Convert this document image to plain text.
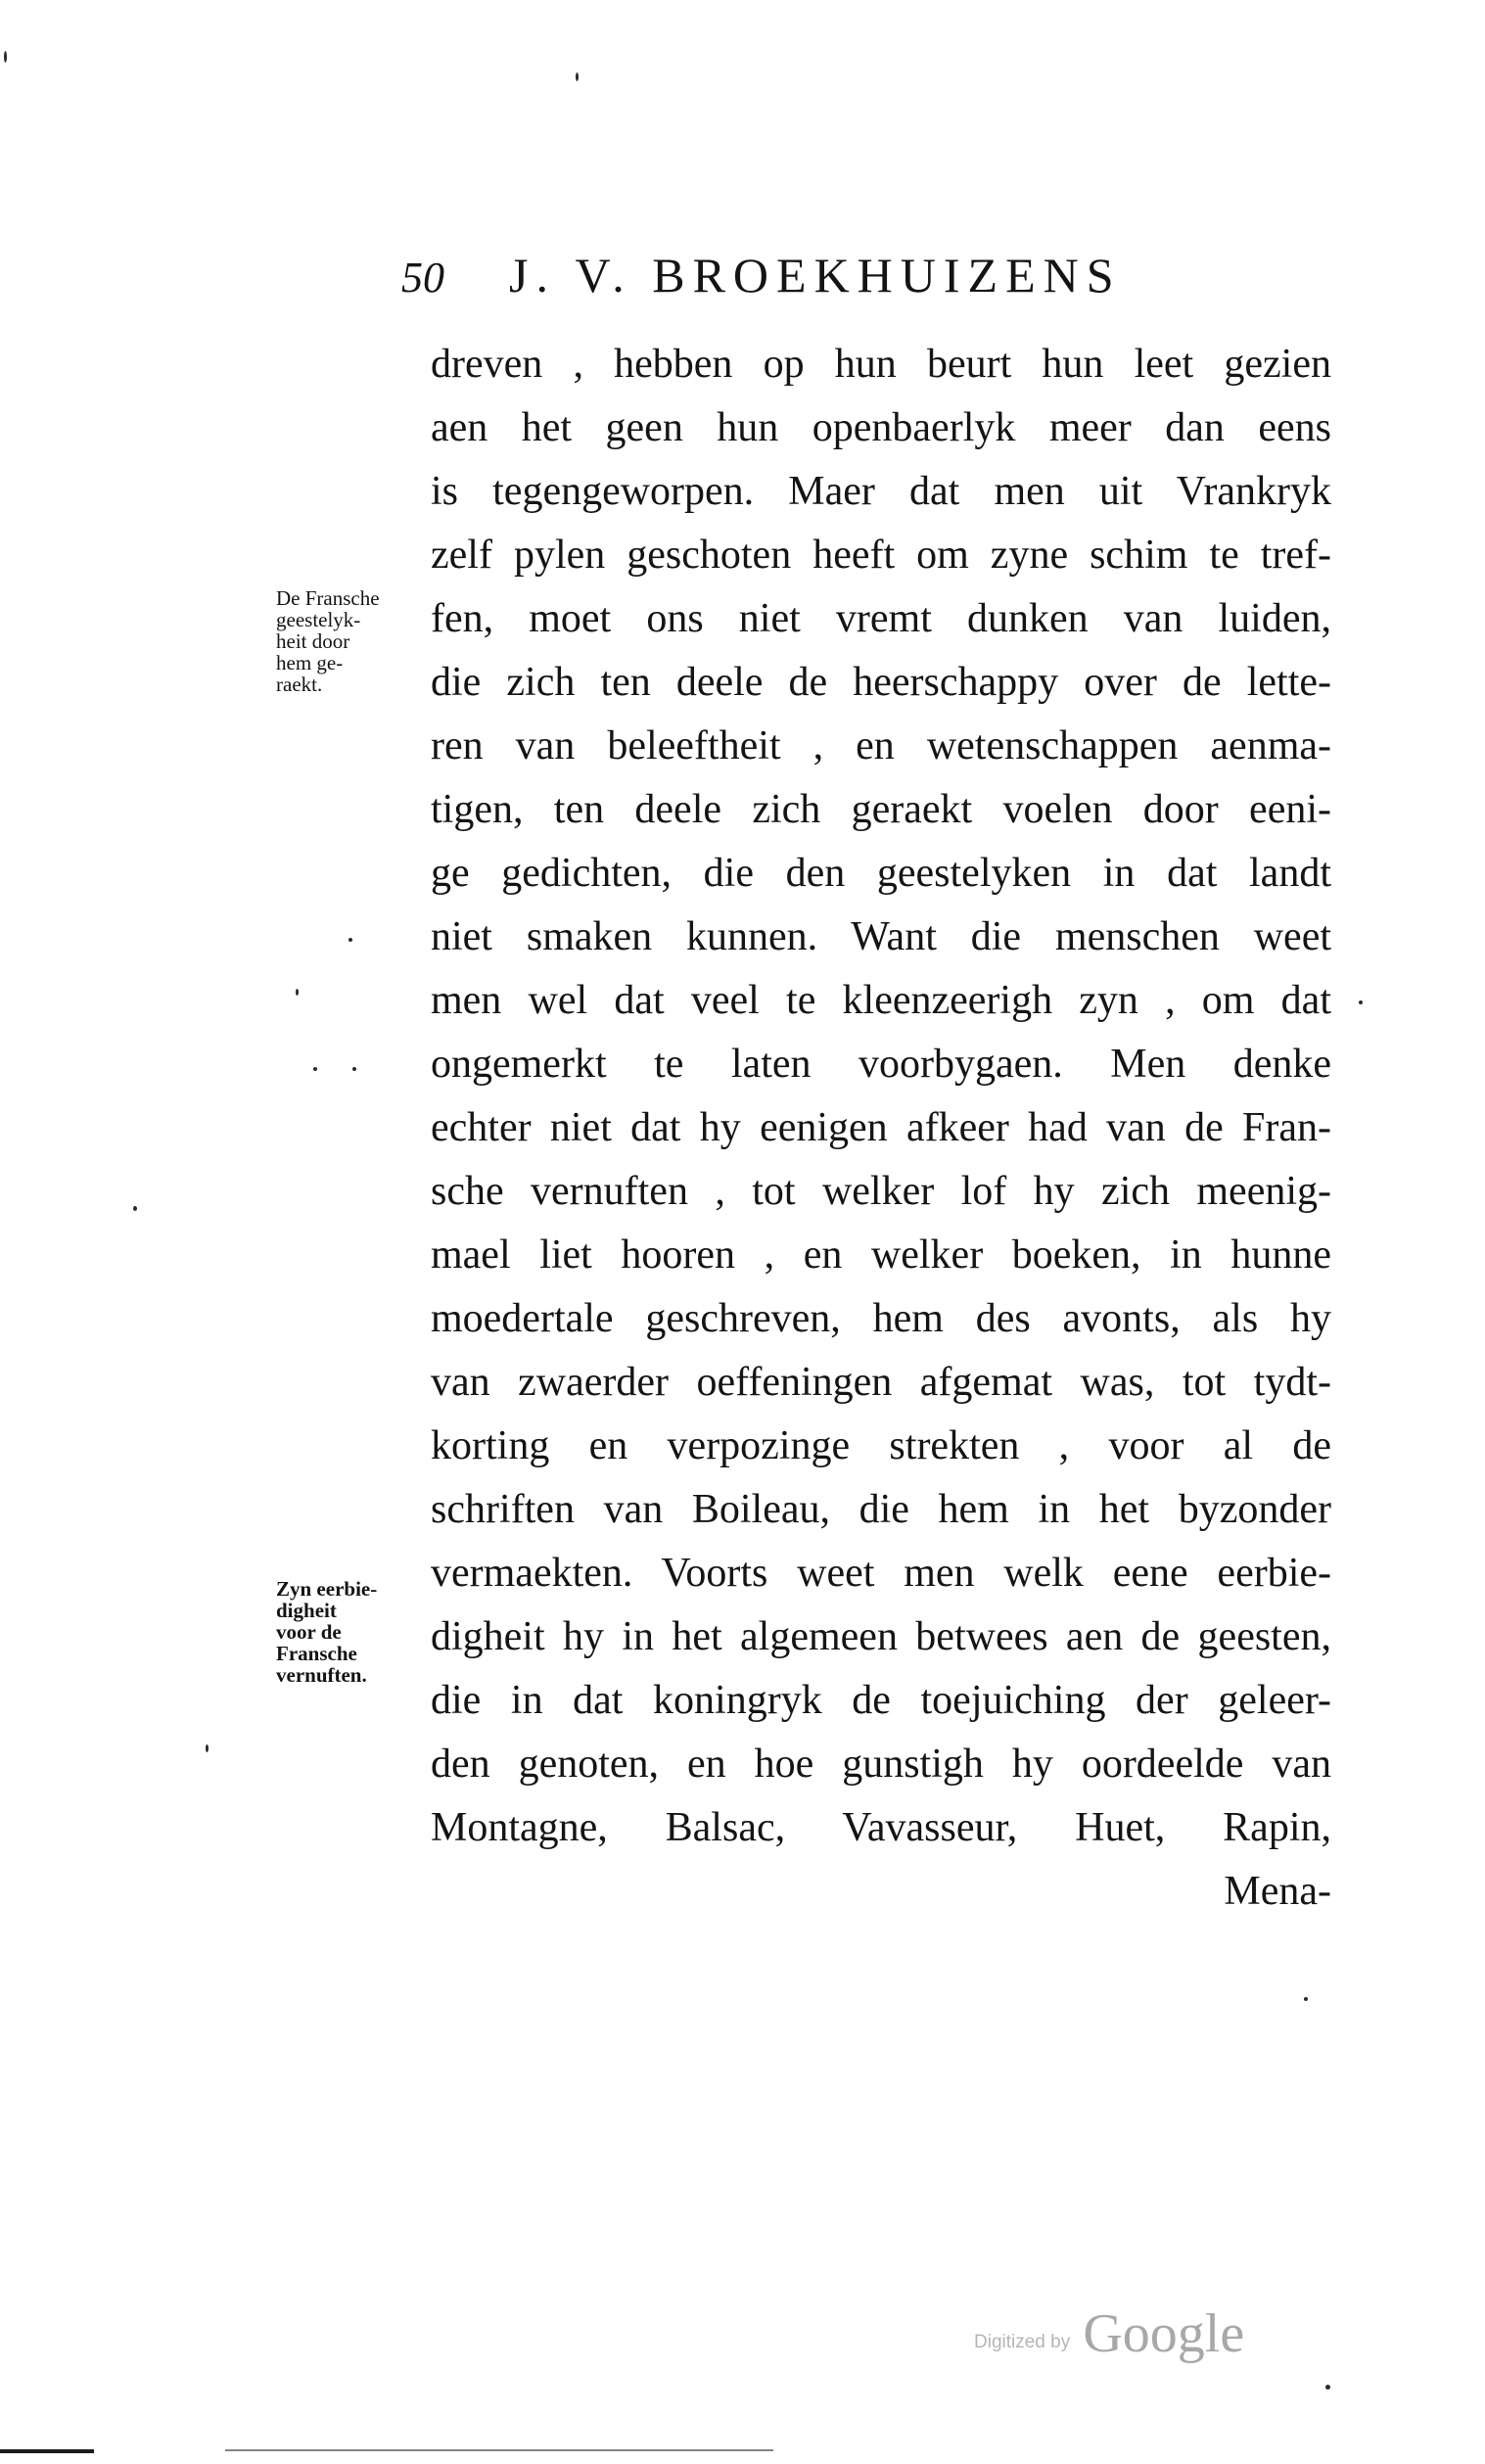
50 J. V. BROEKHUIZENS
De Fransche
geestelyk-
heit door
hem ge-
raekt.
Zyn eerbie-
digheit
voor de
Fransche
vernuften.
dreven , hebben op hun beurt hun leet gezien
aen het geen hun openbaerlyk meer dan eens
is tegengeworpen. Maer dat men uit Vrankryk
zelf pylen geschoten heeft om zyne schim te tref-
fen, moet ons niet vremt dunken van luiden,
die zich ten deele de heerschappy over de lette-
ren van beleeftheit , en wetenschappen aenma-
tigen, ten deele zich geraekt voelen door eeni-
ge gedichten, die den geestelyken in dat landt
niet smaken kunnen. Want die menschen weet
men wel dat veel te kleenzeerigh zyn , om dat
ongemerkt te laten voorbygaen. Men denke
echter niet dat hy eenigen afkeer had van de Fran-
sche vernuften , tot welker lof hy zich meenig-
mael liet hooren , en welker boeken, in hunne
moedertale geschreven, hem des avonts, als hy
van zwaerder oeffeningen afgemat was, tot tydt-
korting en verpozinge strekten , voor al de
schriften van Boileau, die hem in het byzonder
vermaekten. Voorts weet men welk eene eerbie-
digheit hy in het algemeen betwees aen de geesten,
die in dat koningryk de toejuiching der geleer-
den genoten, en hoe gunstigh hy oordeelde van
Montagne, Balsac, Vavasseur, Huet, Rapin,
Mena-
Digitized by Google
